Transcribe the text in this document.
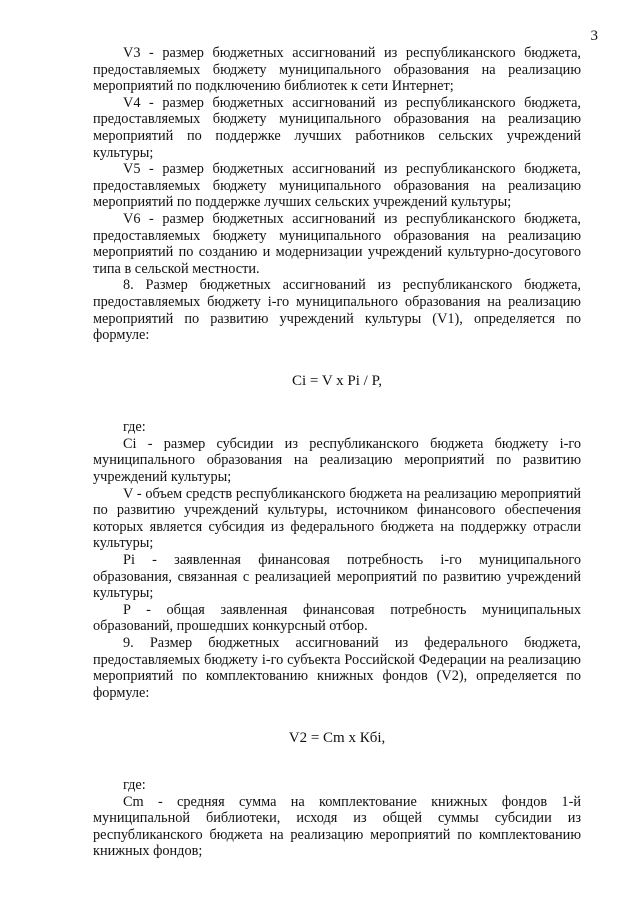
3

V3 - размер бюджетных ассигнований из республиканского бюджета, предоставляемых бюджету муниципального образования на реализацию мероприятий по подключению библиотек к сети Интернет;

V4 - размер бюджетных ассигнований из республиканского бюджета, предоставляемых бюджету муниципального образования на реализацию мероприятий по поддержке лучших работников сельских учреждений культуры;

V5 - размер бюджетных ассигнований из республиканского бюджета, предоставляемых бюджету муниципального образования на реализацию мероприятий по поддержке лучших сельских учреждений культуры;

V6 - размер бюджетных ассигнований из республиканского бюджета, предоставляемых бюджету муниципального образования на реализацию мероприятий по созданию и модернизации учреждений культурно-досугового типа в сельской местности.

8. Размер бюджетных ассигнований из республиканского бюджета, предоставляемых бюджету i-го муниципального образования на реализацию мероприятий по развитию учреждений культуры (V1), определяется по формуле:

Ci = V x Pi / P,

где:

Ci - размер субсидии из республиканского бюджета бюджету i-го муниципального образования на реализацию мероприятий по развитию учреждений культуры;

V - объем средств республиканского бюджета на реализацию мероприятий по развитию учреждений культуры, источником финансового обеспечения которых является субсидия из федерального бюджета на поддержку отрасли культуры;

Pi - заявленная финансовая потребность i-го муниципального образования, связанная с реализацией мероприятий по развитию учреждений культуры;

P - общая заявленная финансовая потребность муниципальных образований, прошедших конкурсный отбор.

9. Размер бюджетных ассигнований из федерального бюджета, предоставляемых бюджету i-го субъекта Российской Федерации на реализацию мероприятий по комплектованию книжных фондов (V2), определяется по формуле:

V2 = Cm x Кбi,

где:

Cm - средняя сумма на комплектование книжных фондов 1-й муниципальной библиотеки, исходя из общей суммы субсидии из республиканского бюджета на реализацию мероприятий по комплектованию книжных фондов;
